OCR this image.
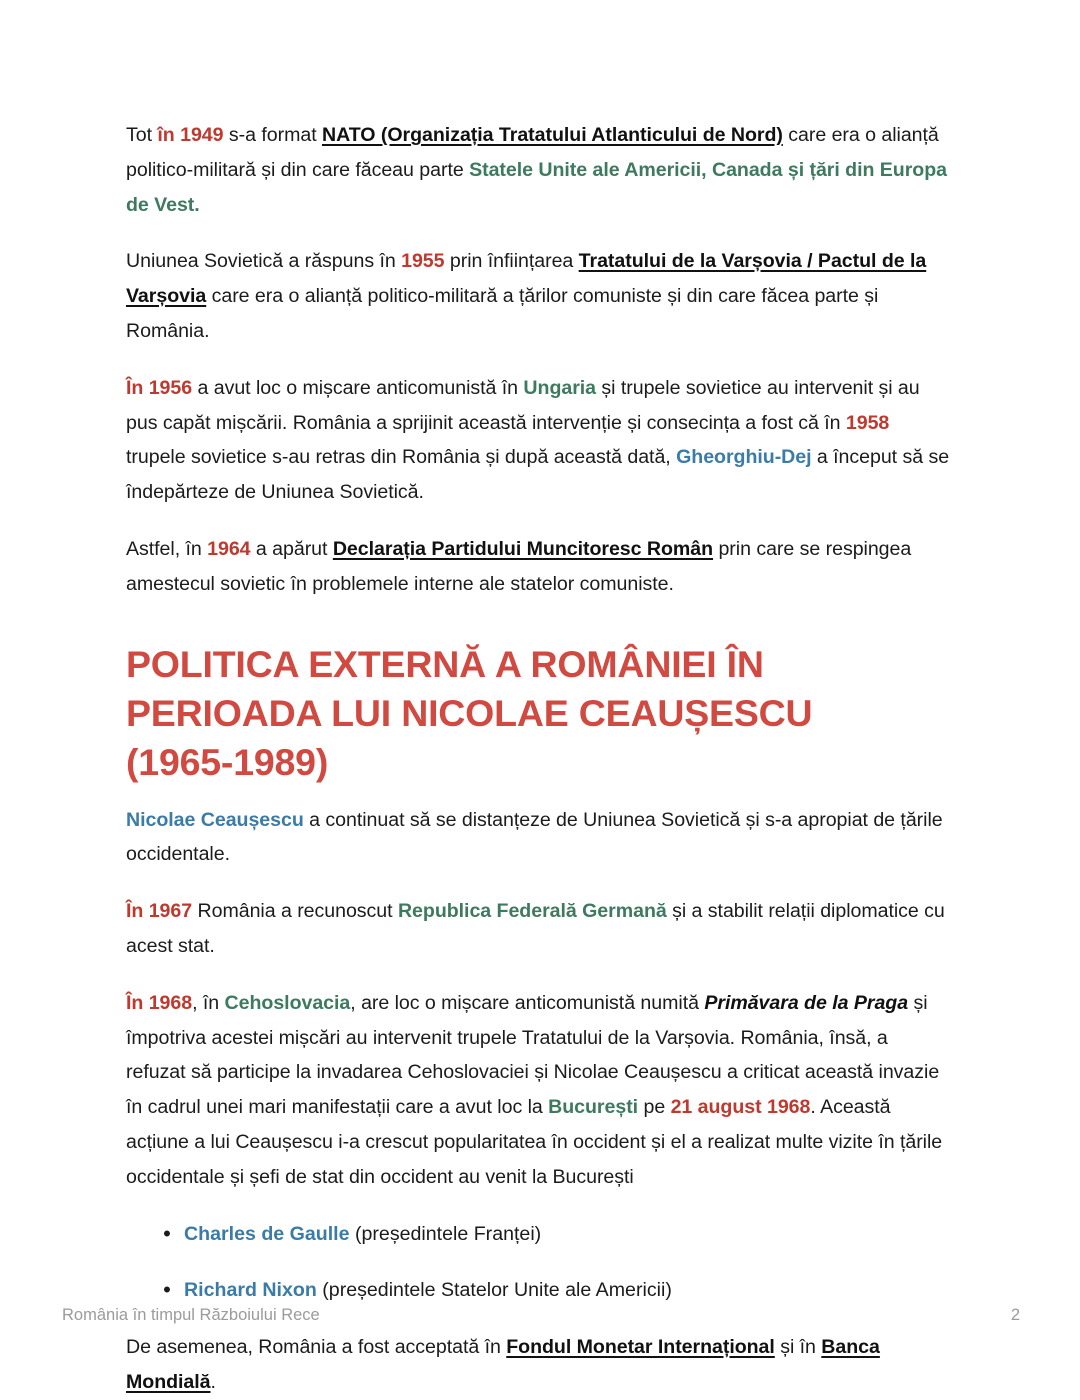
Tot în 1949 s-a format NATO (Organizația Tratatului Atlanticului de Nord) care era o alianță politico-militară și din care făceau parte Statele Unite ale Americii, Canada și țări din Europa de Vest.

Uniunea Sovietică a răspuns în 1955 prin înființarea Tratatului de la Varșovia / Pactul de la Varșovia care era o alianță politico-militară a țărilor comuniste și din care făcea parte și România.

În 1956 a avut loc o mișcare anticomunistă în Ungaria și trupele sovietice au intervenit și au pus capăt mișcării. România a sprijinit această intervenție și consecința a fost că în 1958 trupele sovietice s-au retras din România și după această dată, Gheorghiu-Dej a început să se îndepărteze de Uniunea Sovietică.

Astfel, în 1964 a apărut Declarația Partidului Muncitoresc Român prin care se respingea amestecul sovietic în problemele interne ale statelor comuniste.

POLITICA EXTERNĂ A ROMÂNIEI ÎN PERIOADA LUI NICOLAE CEAUȘESCU (1965-1989)

Nicolae Ceaușescu a continuat să se distanțeze de Uniunea Sovietică și s-a apropiat de țările occidentale.

În 1967 România a recunoscut Republica Federală Germană și a stabilit relații diplomatice cu acest stat.

În 1968, în Cehoslovacia, are loc o mișcare anticomunistă numită Primăvara de la Praga și împotriva acestei mișcări au intervenit trupele Tratatului de la Varșovia. România, însă, a refuzat să participe la invadarea Cehoslovaciei și Nicolae Ceaușescu a criticat această invazie în cadrul unei mari manifestații care a avut loc la București pe 21 august 1968. Această acțiune a lui Ceaușescu i-a crescut popularitatea în occident și el a realizat multe vizite în țările occidentale și șefi de stat din occident au venit la București

• Charles de Gaulle (președintele Franței)
• Richard Nixon (președintele Statelor Unite ale Americii)

De asemenea, România a fost acceptată în Fondul Monetar Internațional și în Banca Mondială.

România în timpul Războiului Rece	2
